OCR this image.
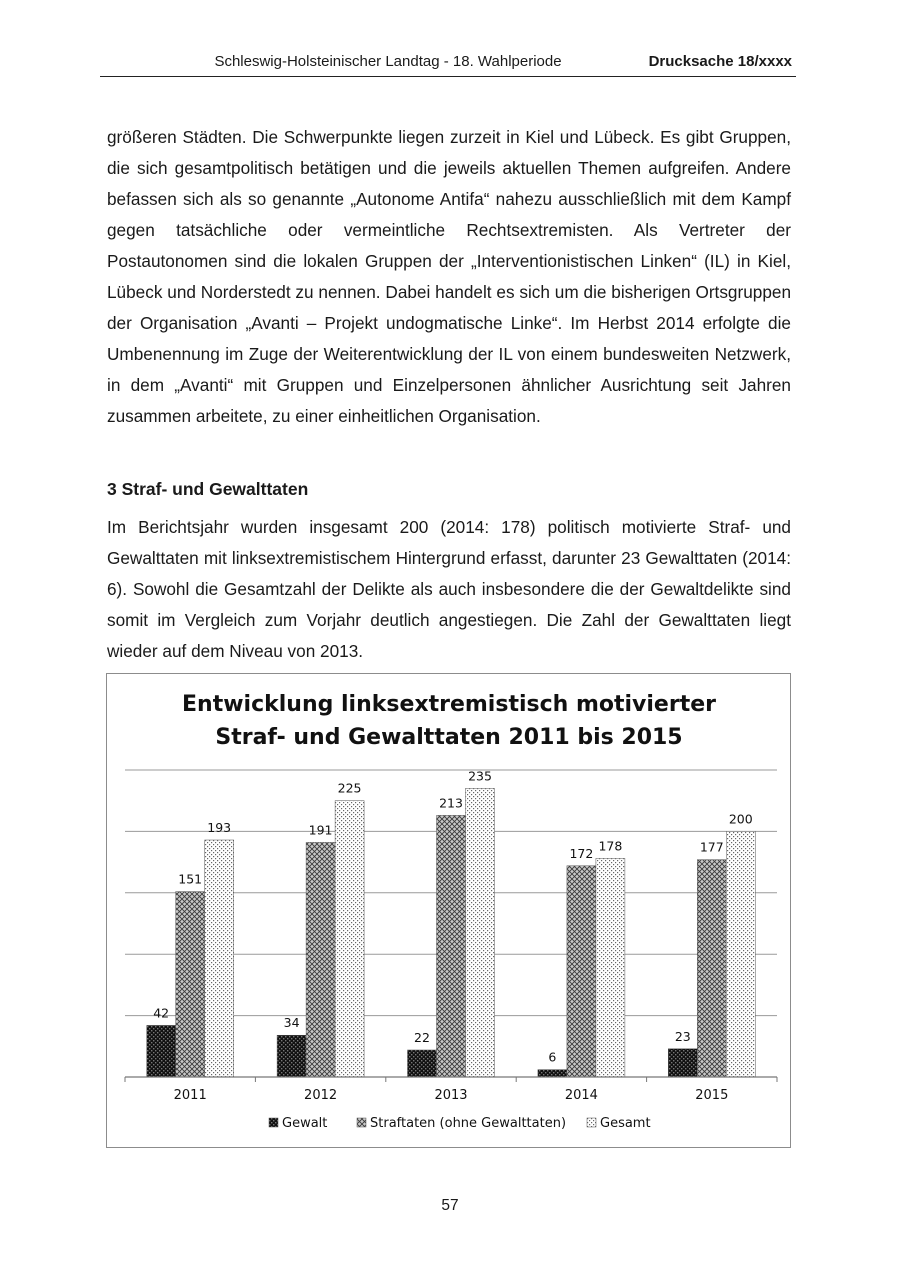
Schleswig-Holsteinischer Landtag - 18. Wahlperiode	Drucksache 18/xxxx

größeren Städten. Die Schwerpunkte liegen zurzeit in Kiel und Lübeck. Es gibt Gruppen, die sich gesamtpolitisch betätigen und die jeweils aktuellen Themen aufgreifen. Andere befassen sich als so genannte „Autonome Antifa“ nahezu ausschließlich mit dem Kampf gegen tatsächliche oder vermeintliche Rechtsextremisten. Als Vertreter der Postautonomen sind die lokalen Gruppen der „Interventionistischen Linken“ (IL) in Kiel, Lübeck und Norderstedt zu nennen. Dabei handelt es sich um die bisherigen Ortsgruppen der Organisation „Avanti – Projekt undogmatische Linke“. Im Herbst 2014 erfolgte die Umbenennung im Zuge der Weiterentwicklung der IL von einem bundesweiten Netzwerk, in dem „Avanti“ mit Gruppen und Einzelpersonen ähnlicher Ausrichtung seit Jahren zusammen arbeitete, zu einer einheitlichen Organisation.

3 Straf- und Gewalttaten

Im Berichtsjahr wurden insgesamt 200 (2014: 178) politisch motivierte Straf- und Gewalttaten mit linksextremistischem Hintergrund erfasst, darunter 23 Gewalttaten (2014: 6). Sowohl die Gesamtzahl der Delikte als auch insbesondere die der Gewaltdelikte sind somit im Vergleich zum Vorjahr deutlich angestiegen. Die Zahl der Gewalttaten liegt wieder auf dem Niveau von 2013.

Entwicklung linksextremistisch motivierter
Straf- und Gewalttaten 2011 bis 2015
42
151
193
34
191
225
22
213
235
6
172 178
23
177
200
2011	2012	2013	2014	2015
Gewalt	Straftaten (ohne Gewalttaten)	Gesamt
57
